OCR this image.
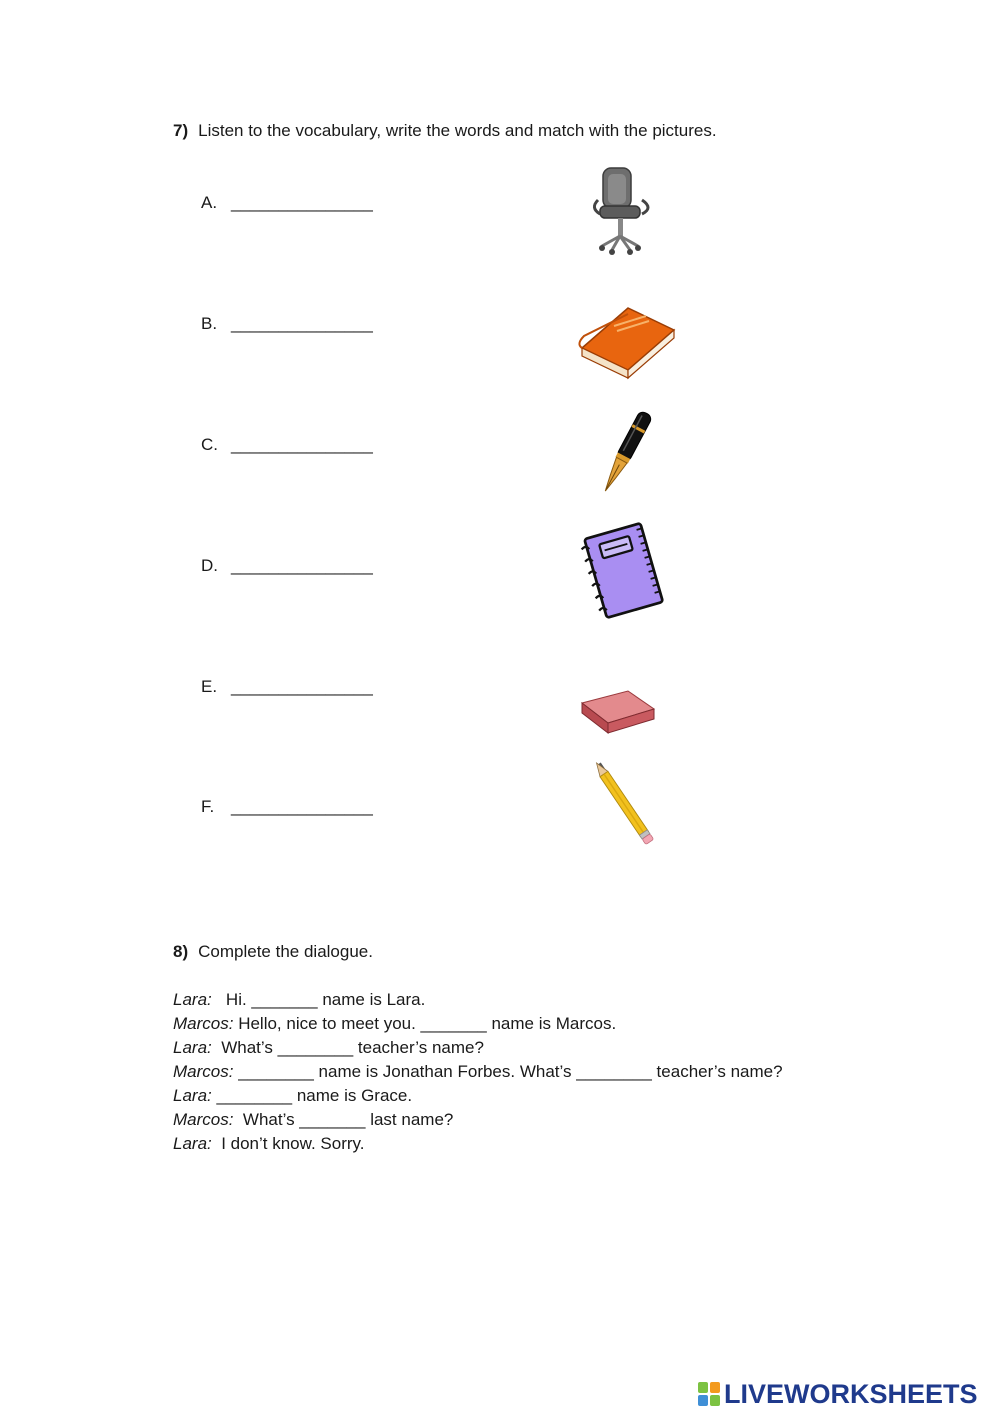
7) Listen to the vocabulary, write the words and match with the pictures.
A. _______________
B. _______________
C. _______________
D. _______________
E. _______________
F. _______________
8) Complete the dialogue.
Lara:   Hi. _______ name is Lara.
Marcos: Hello, nice to meet you. _______ name is Marcos.
Lara:  What’s ________ teacher’s name?
Marcos: ________ name is Jonathan Forbes. What’s ________ teacher’s name?
Lara: ________ name is Grace.
Marcos:  What’s _______ last name?
Lara:  I don’t know. Sorry.
LIVEWORKSHEETS
